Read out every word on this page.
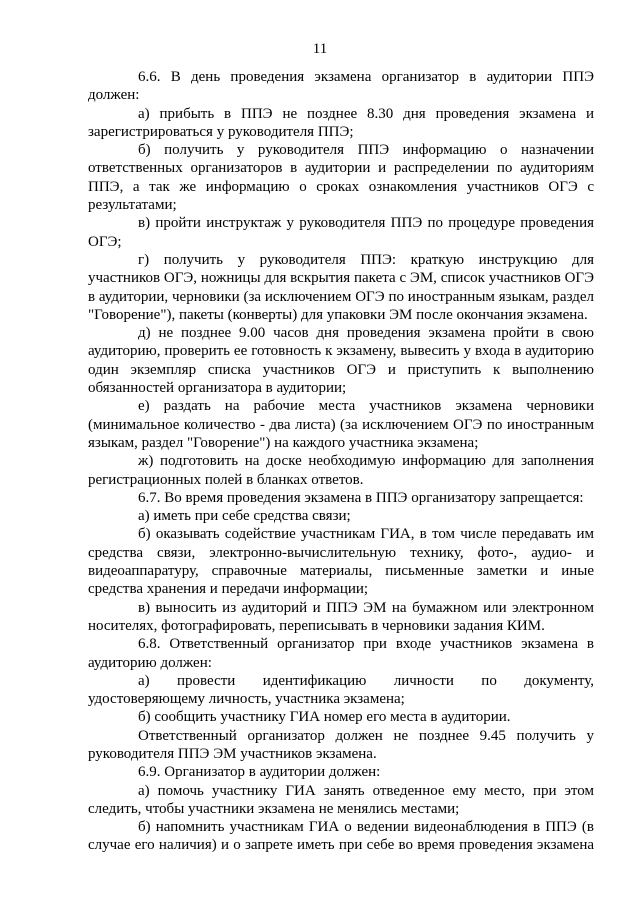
11

6.6. В день проведения экзамена организатор в аудитории ППЭ должен:

а) прибыть в ППЭ не позднее 8.30 дня проведения экзамена и зарегистрироваться у руководителя ППЭ;

б) получить у руководителя ППЭ информацию о назначении ответственных организаторов в аудитории и распределении по аудиториям ППЭ, а так же информацию о сроках ознакомления участников ОГЭ с результатами;

в) пройти инструктаж у руководителя ППЭ по процедуре проведения ОГЭ;

г) получить у руководителя ППЭ: краткую инструкцию для участников ОГЭ, ножницы для вскрытия пакета с ЭМ, список участников ОГЭ в аудитории, черновики (за исключением ОГЭ по иностранным языкам, раздел "Говорение"), пакеты (конверты) для упаковки ЭМ после окончания экзамена.

д) не позднее 9.00 часов дня проведения экзамена пройти в свою аудиторию, проверить ее готовность к экзамену, вывесить у входа в аудиторию один экземпляр списка участников ОГЭ и приступить к выполнению обязанностей организатора в аудитории;

е) раздать на рабочие места участников экзамена черновики (минимальное количество - два листа) (за исключением ОГЭ по иностранным языкам, раздел "Говорение") на каждого участника экзамена;

ж) подготовить на доске необходимую информацию для заполнения регистрационных полей в бланках ответов.

6.7. Во время проведения экзамена в ППЭ организатору запрещается:

а) иметь при себе средства связи;

б) оказывать содействие участникам ГИА, в том числе передавать им средства связи, электронно-вычислительную технику, фото-, аудио- и видеоаппаратуру, справочные материалы, письменные заметки и иные средства хранения и передачи информации;

в) выносить из аудиторий и ППЭ ЭМ на бумажном или электронном носителях, фотографировать, переписывать в черновики задания КИМ.

6.8. Ответственный организатор при входе участников экзамена в аудиторию должен:

а) провести идентификацию личности по документу, удостоверяющему личность, участника экзамена;

б) сообщить участнику ГИА номер его места в аудитории.

Ответственный организатор должен не позднее 9.45 получить у руководителя ППЭ ЭМ участников экзамена.

6.9. Организатор в аудитории должен:

а) помочь участнику ГИА занять отведенное ему место, при этом следить, чтобы участники экзамена не менялись местами;

б) напомнить участникам ГИА о ведении видеонаблюдения в ППЭ (в случае его наличия) и о запрете иметь при себе во время проведения экзамена
